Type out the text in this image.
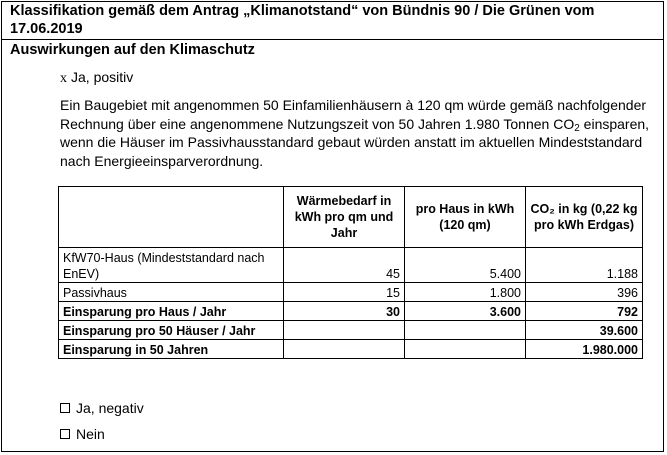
Klassifikation gemäß dem Antrag „Klimanotstand“ von Bündnis 90 / Die Grünen vom 17.06.2019
Auswirkungen auf den Klimaschutz
x Ja, positiv
Ein Baugebiet mit angenommen 50 Einfamilienhäusern à 120 qm würde gemäß nachfolgender Rechnung über eine angenommene Nutzungszeit von 50 Jahren 1.980 Tonnen $CO_2$ einsparen, wenn die Häuser im Passivhausstandard gebaut würden anstatt im aktuellen Mindeststandard nach Energieeinsparverordnung.
	Wärmebedarf in kWh pro qm und Jahr	pro Haus in kWh (120 qm)	CO₂ in kg (0,22 kg pro kWh Erdgas)
KfW70-Haus (Mindeststandard nach EnEV)	45	5.400	1.188
Passivhaus	15	1.800	396
Einsparung pro Haus / Jahr	30	3.600	792
Einsparung pro 50 Häuser / Jahr			39.600
Einsparung in 50 Jahren			1.980.000
Ja, negativ
Nein
